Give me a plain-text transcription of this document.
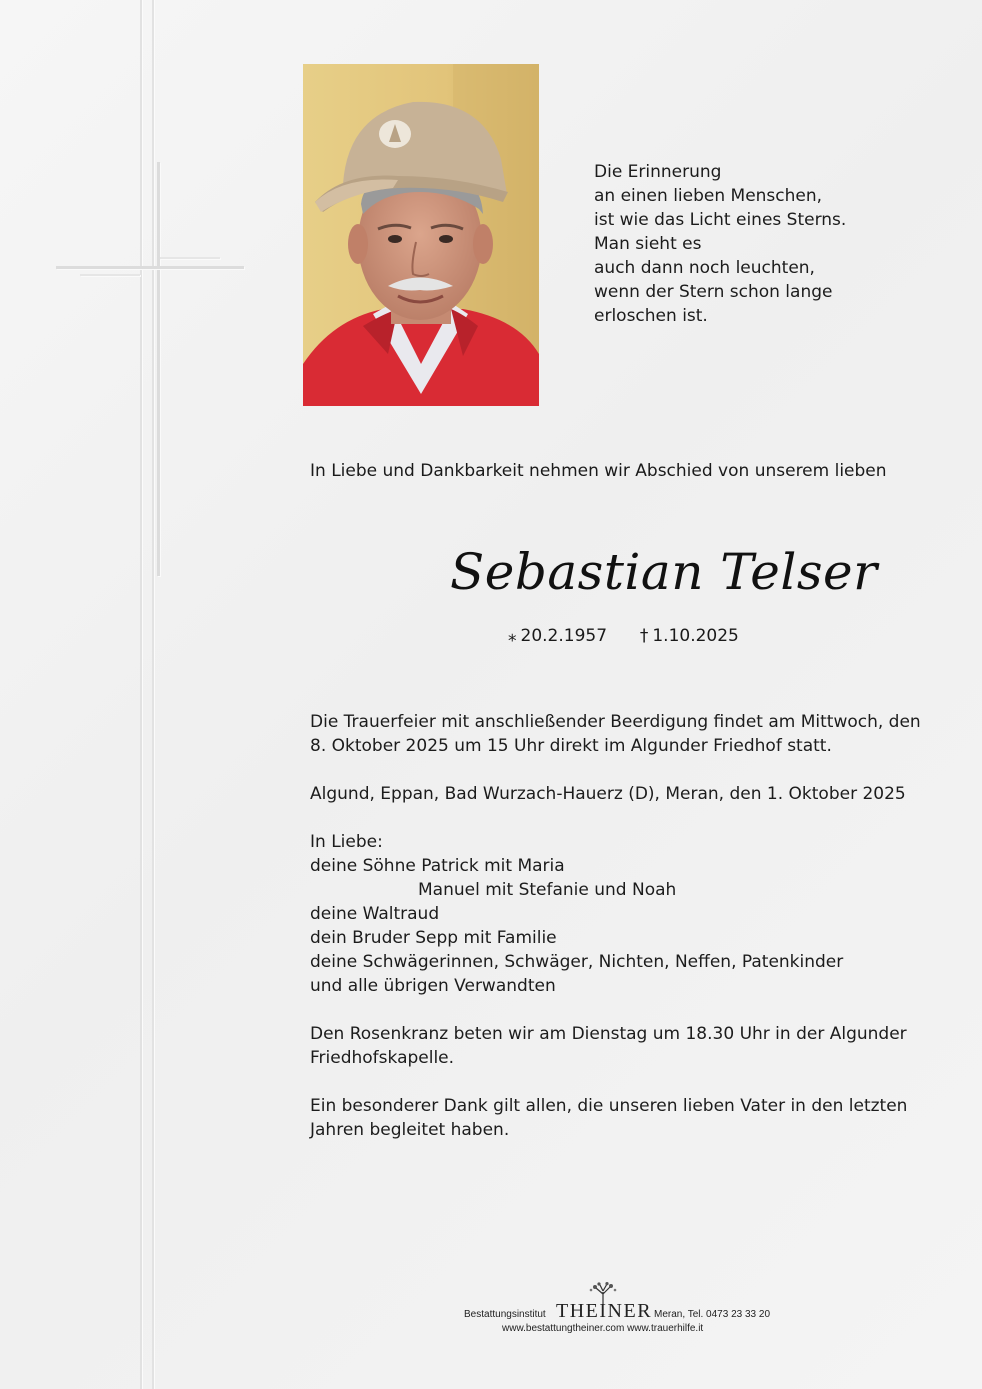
Die Erinnerung
an einen lieben Menschen,
ist wie das Licht eines Sterns.
Man sieht es
auch dann noch leuchten,
wenn der Stern schon lange
erloschen ist.
In Liebe und Dankbarkeit nehmen wir Abschied von unserem lieben
Sebastian Telser
⁎ 20.2.1957 † 1.10.2025

Die Trauerfeier mit anschließender Beerdigung findet am Mittwoch, den
8. Oktober 2025 um 15 Uhr direkt im Algunder Friedhof statt.

Algund, Eppan, Bad Wurzach-Hauerz (D), Meran, den 1. Oktober 2025

In Liebe:
deine Söhne Patrick mit Maria
Manuel mit Stefanie und Noah
deine Waltraud
dein Bruder Sepp mit Familie
deine Schwägerinnen, Schwäger, Nichten, Neffen, Patenkinder
und alle übrigen Verwandten

Den Rosenkranz beten wir am Dienstag um 18.30 Uhr in der Algunder
Friedhofskapelle.

Ein besonderer Dank gilt allen, die unseren lieben Vater in den letzten
Jahren begleitet haben.

Bestattungsinstitut THEINER Meran, Tel. 0473 23 33 20
www.bestattungtheiner.com www.trauerhilfe.it
